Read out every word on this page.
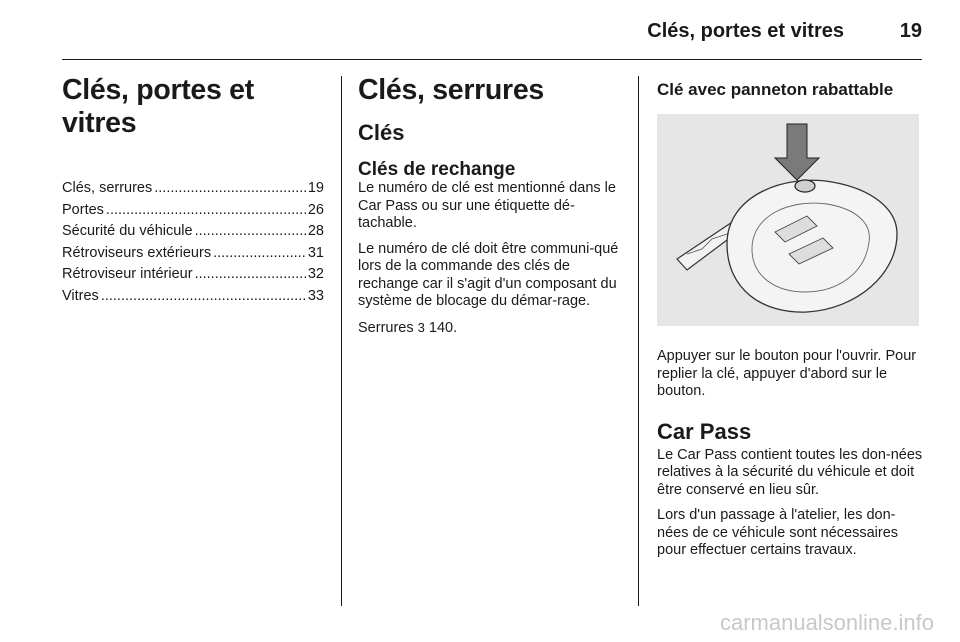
Clés, portes et vitres	19
Clés, portes et vitres
Clés, serrures .....	19
Portes .....	26
Sécurité du véhicule .....	28
Rétroviseurs extérieurs .....	31
Rétroviseur intérieur .....	32
Vitres .....	33
Clés, serrures
Clés
Clés de rechange

Le numéro de clé est mentionné dans le Car Pass ou sur une étiquette dé-tachable.

Le numéro de clé doit être communi-qué lors de la commande des clés de rechange car il s'agit d'un composant du système de blocage du démar-rage.

Serrures 3 140.

Clé avec panneton rabattable

Appuyer sur le bouton pour l'ouvrir. Pour replier la clé, appuyer d'abord sur le bouton.

Car Pass

Le Car Pass contient toutes les don-nées relatives à la sécurité du véhicule et doit être conservé en lieu sûr.

Lors d'un passage à l'atelier, les don-nées de ce véhicule sont nécessaires pour effectuer certains travaux.

carmanualsonline.info
